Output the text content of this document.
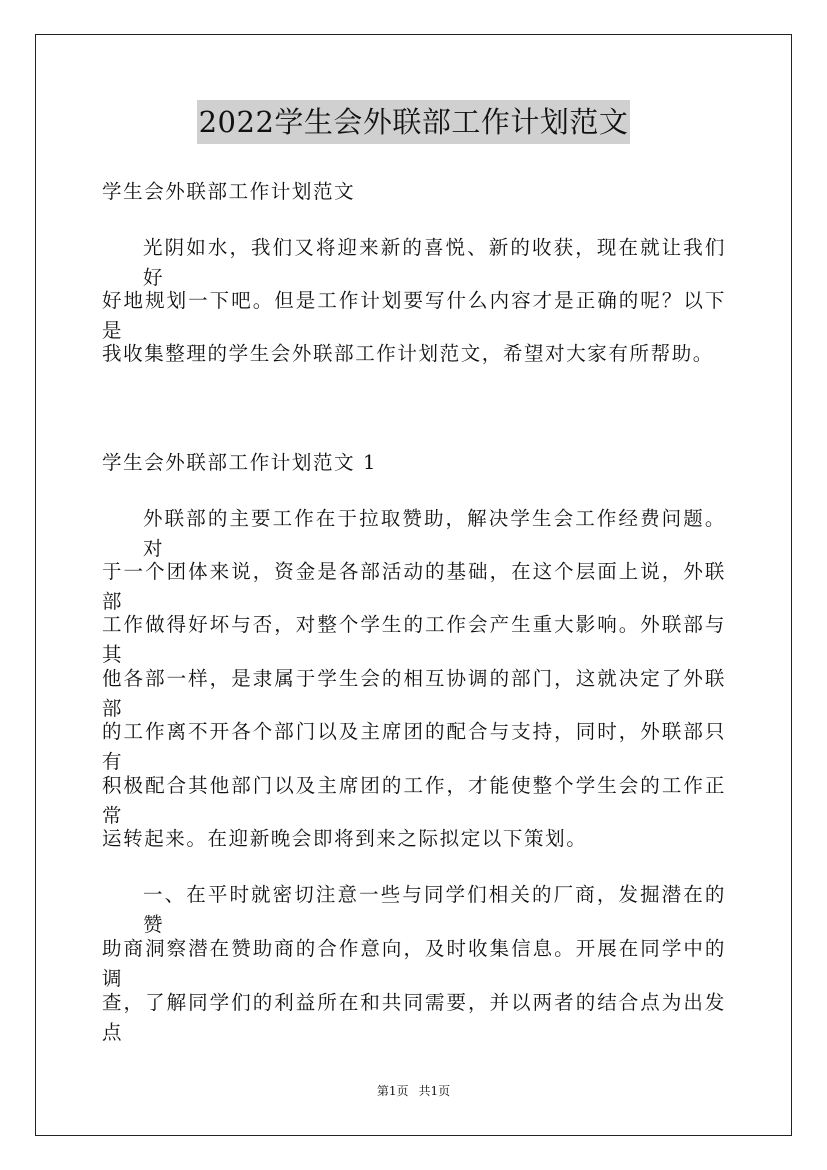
2022学生会外联部工作计划范文
学生会外联部工作计划范文
光阴如水，我们又将迎来新的喜悦、新的收获，现在就让我们好
好地规划一下吧。但是工作计划要写什么内容才是正确的呢？以下是
我收集整理的学生会外联部工作计划范文，希望对大家有所帮助。
学生会外联部工作计划范文 1
外联部的主要工作在于拉取赞助，解决学生会工作经费问题。对
于一个团体来说，资金是各部活动的基础，在这个层面上说，外联部
工作做得好坏与否，对整个学生的工作会产生重大影响。外联部与其
他各部一样，是隶属于学生会的相互协调的部门，这就决定了外联部
的工作离不开各个部门以及主席团的配合与支持，同时，外联部只有
积极配合其他部门以及主席团的工作，才能使整个学生会的工作正常
运转起来。在迎新晚会即将到来之际拟定以下策划。
一、在平时就密切注意一些与同学们相关的厂商，发掘潜在的赞
助商洞察潜在赞助商的合作意向，及时收集信息。开展在同学中的调
查，了解同学们的利益所在和共同需要，并以两者的结合点为出发点
第1页 共1页
